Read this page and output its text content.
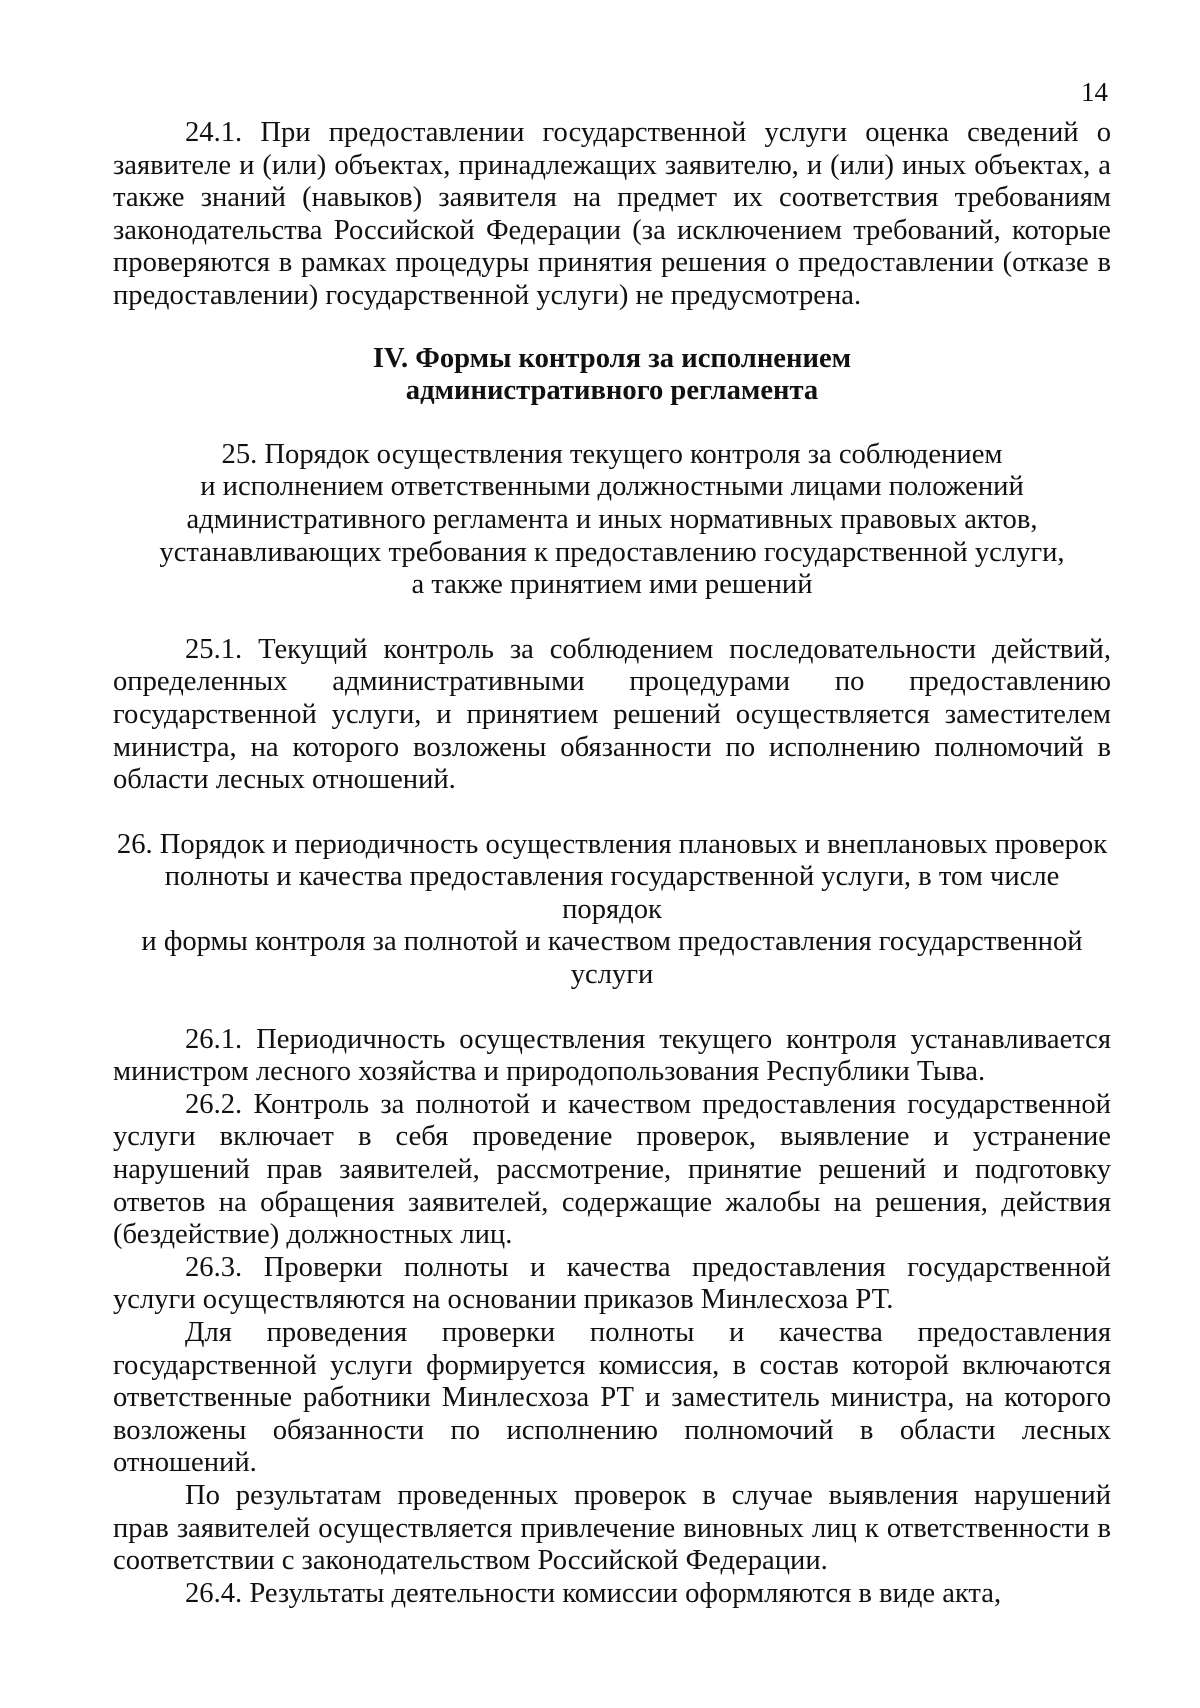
14

24.1. При предоставлении государственной услуги оценка сведений о заявителе и (или) объектах, принадлежащих заявителю, и (или) иных объектах, а также знаний (навыков) заявителя на предмет их соответствия требованиям законодательства Российской Федерации (за исключением требований, которые проверяются в рамках процедуры принятия решения о предоставлении (отказе в предоставлении) государственной услуги) не предусмотрена.

IV. Формы контроля за исполнением
административного регламента
25. Порядок осуществления текущего контроля за соблюдением
и исполнением ответственными должностными лицами положений
административного регламента и иных нормативных правовых актов,
устанавливающих требования к предоставлению государственной услуги,
а также принятием ими решений

25.1. Текущий контроль за соблюдением последовательности действий, определенных административными процедурами по предоставлению государственной услуги, и принятием решений осуществляется заместителем министра, на которого возложены обязанности по исполнению полномочий в области лесных отношений.

26. Порядок и периодичность осуществления плановых и внеплановых проверок
полноты и качества предоставления государственной услуги, в том числе порядок
и формы контроля за полнотой и качеством предоставления государственной
услуги

26.1. Периодичность осуществления текущего контроля устанавливается министром лесного хозяйства и природопользования Республики Тыва.

26.2. Контроль за полнотой и качеством предоставления государственной услуги включает в себя проведение проверок, выявление и устранение нарушений прав заявителей, рассмотрение, принятие решений и подготовку ответов на обращения заявителей, содержащие жалобы на решения, действия (бездействие) должностных лиц.

26.3. Проверки полноты и качества предоставления государственной услуги осуществляются на основании приказов Минлесхоза РТ.

Для проведения проверки полноты и качества предоставления государственной услуги формируется комиссия, в состав которой включаются ответственные работники Минлесхоза РТ и заместитель министра, на которого возложены обязанности по исполнению полномочий в области лесных отношений.

По результатам проведенных проверок в случае выявления нарушений прав заявителей осуществляется привлечение виновных лиц к ответственности в соответствии с законодательством Российской Федерации.

26.4. Результаты деятельности комиссии оформляются в виде акта,
